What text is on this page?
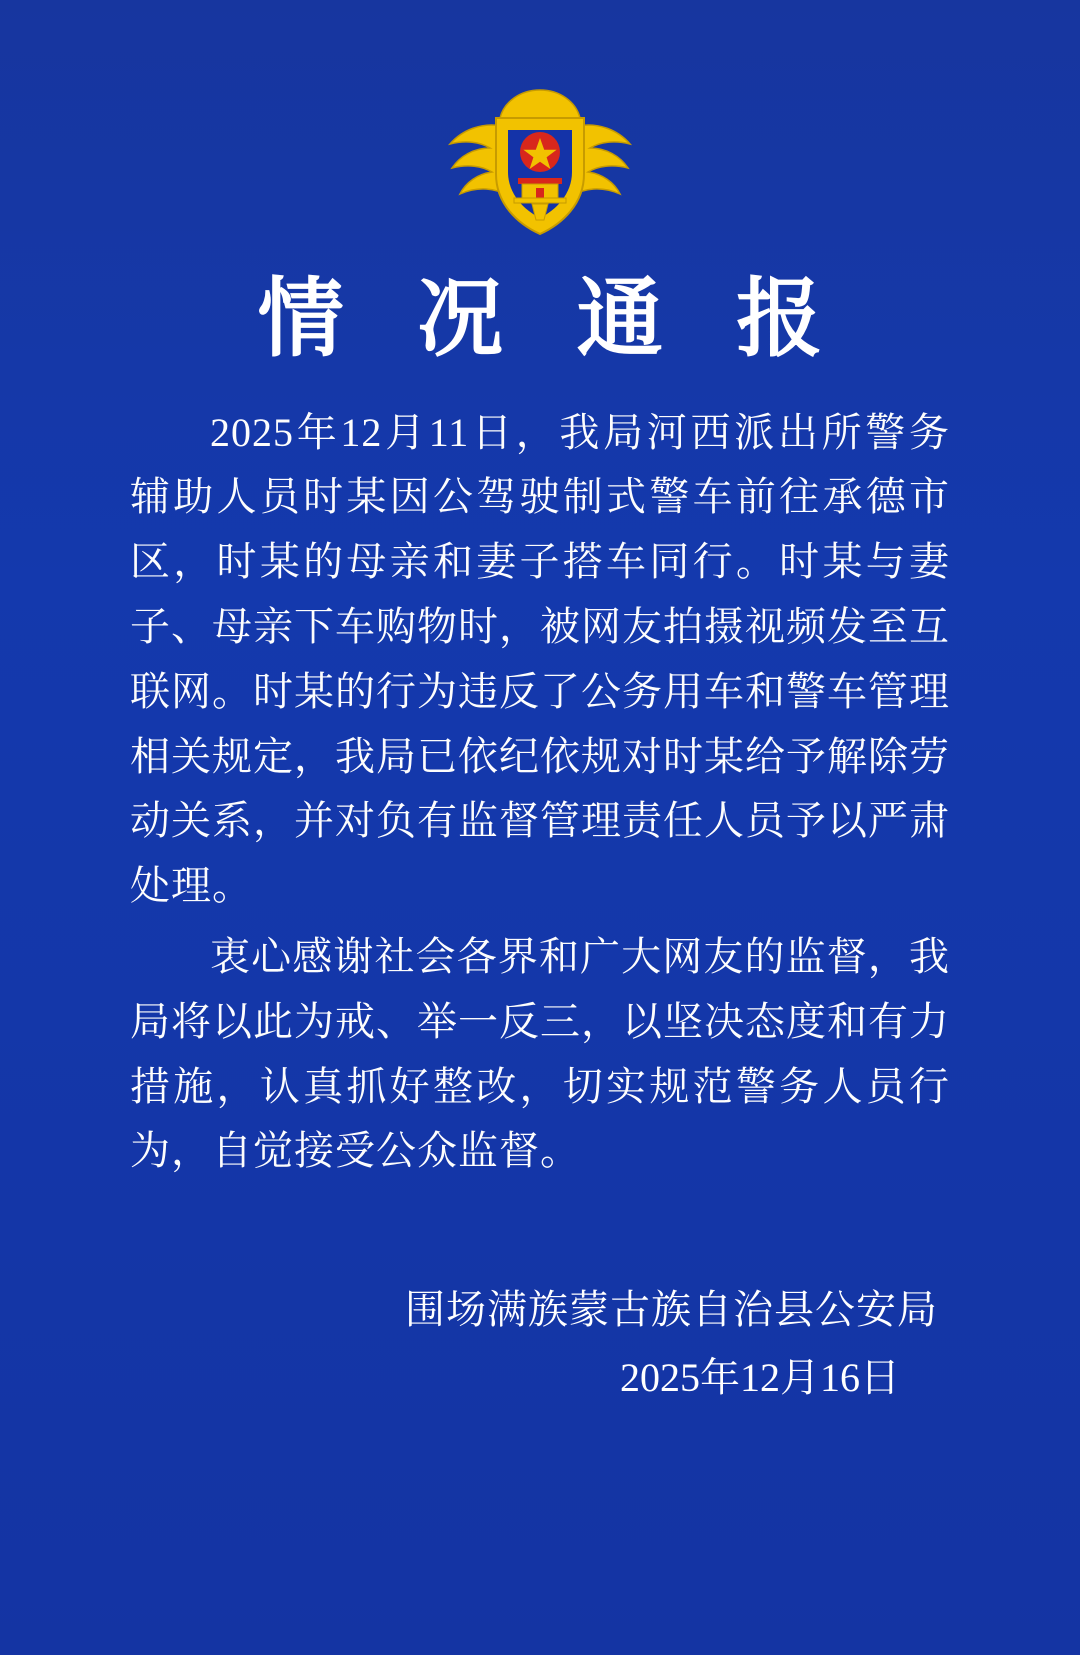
情 况 通 报

2025年12月11日，我局河西派出所警务辅助人员时某因公驾驶制式警车前往承德市区，时某的母亲和妻子搭车同行。时某与妻子、母亲下车购物时，被网友拍摄视频发至互联网。时某的行为违反了公务用车和警车管理相关规定，我局已依纪依规对时某给予解除劳动关系，并对负有监督管理责任人员予以严肃处理。

衷心感谢社会各界和广大网友的监督，我局将以此为戒、举一反三，以坚决态度和有力措施，认真抓好整改，切实规范警务人员行为，自觉接受公众监督。

围场满族蒙古族自治县公安局
2025年12月16日
